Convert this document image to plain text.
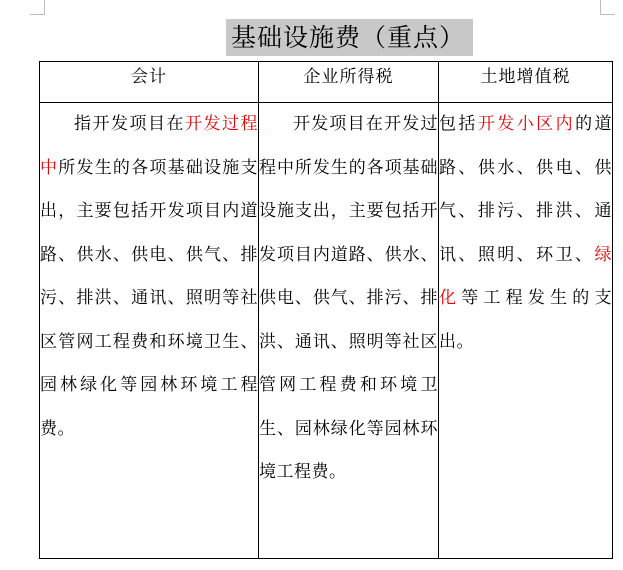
基础设施费（重点）
会计	企业所得税	土地增值税

指开发项目在开发过程中所发生的各项基础设施支出，主要包括开发项目内道路、供水、供电、供气、排污、排洪、通讯、照明等社区管网工程费和环境卫生、园林绿化等园林环境工程费。	开发项目在开发过程中所发生的各项基础设施支出，主要包括开发项目内道路、供水、供电、供气、排污、排洪、通讯、照明等社区管网工程费和环境卫生、园林绿化等园林环境工程费。	包括开发小区内的道路、供水、供电、供气、排污、排洪、通讯、照明、环卫、绿化等工程发生的支出。
